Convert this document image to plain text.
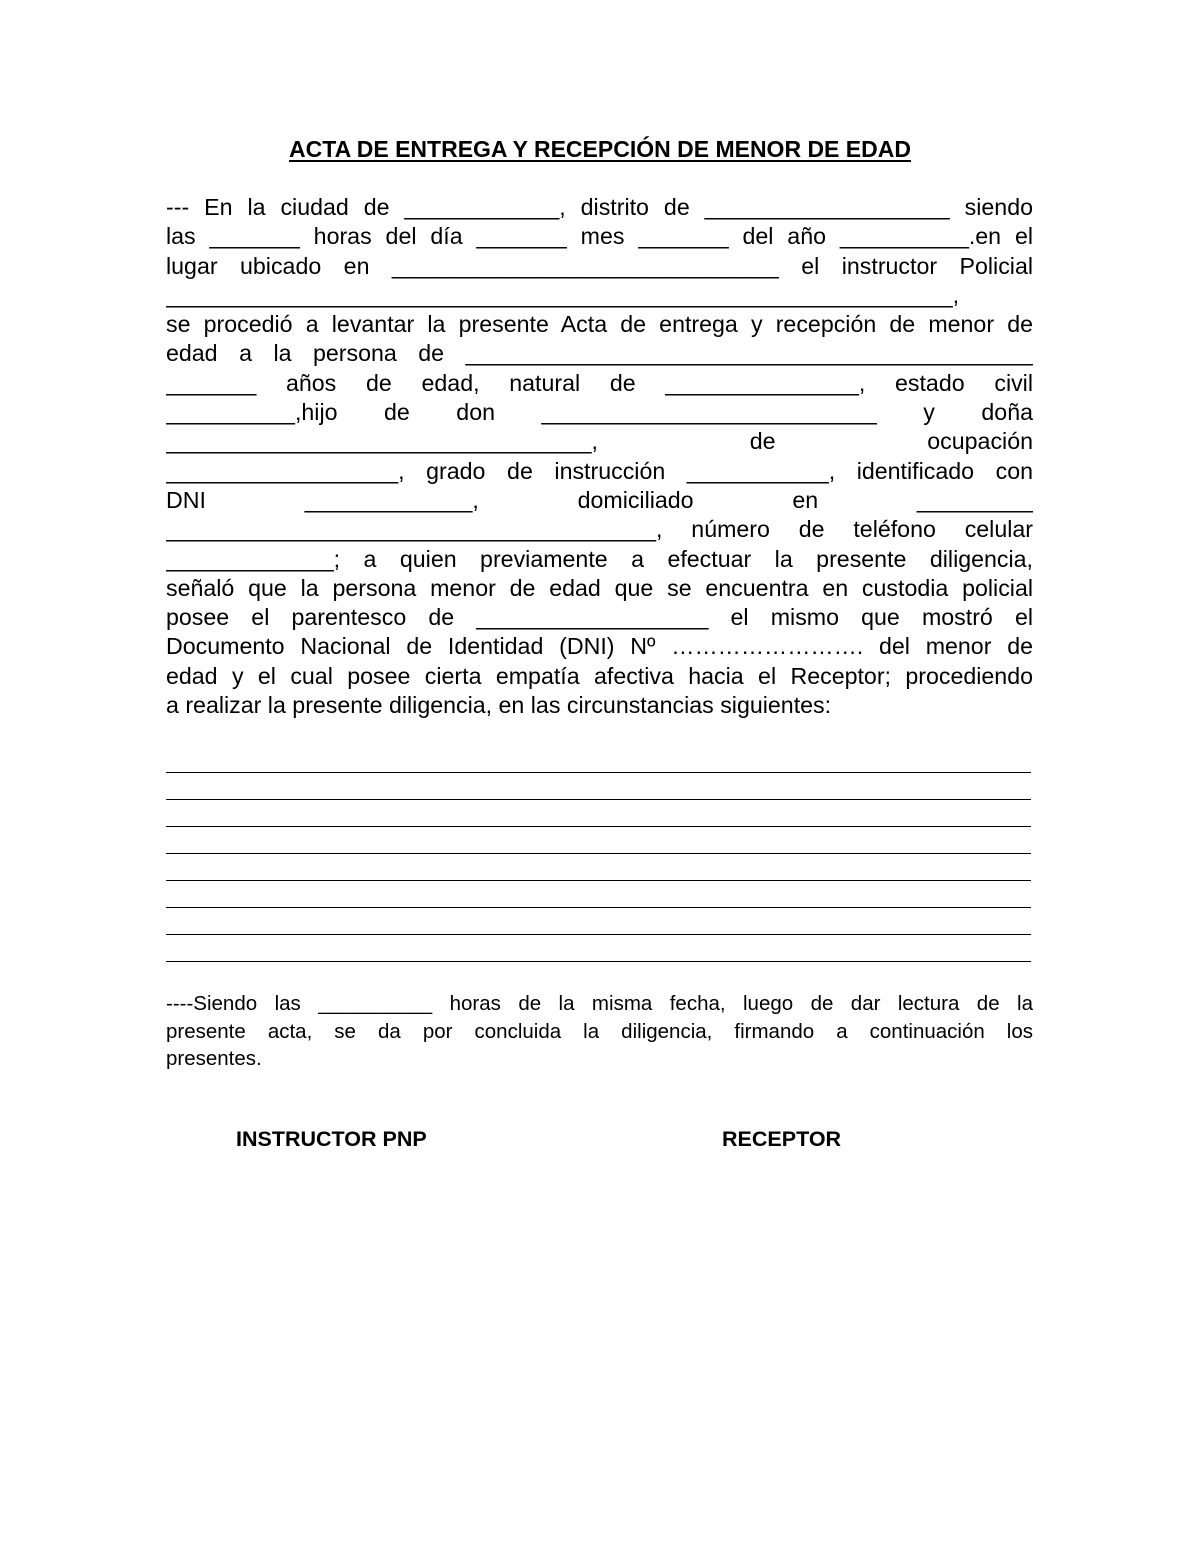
ACTA DE ENTREGA Y RECEPCIÓN DE MENOR DE EDAD
--- En la ciudad de ____________, distrito de ___________________ siendo
las _______ horas del día _______ mes _______ del año __________.en el
lugar ubicado en ______________________________ el instructor Policial
_____________________________________________________________,
se procedió a levantar la presente Acta de entrega y recepción de menor de
edad a la persona de ____________________________________________
_______ años de edad, natural de _______________, estado civil
__________,hijo de don __________________________ y doña
_________________________________, de ocupación
__________________, grado de instrucción ___________, identificado con
DNI _____________, domiciliado en _________
______________________________________, número de teléfono celular
_____________; a quien previamente a efectuar la presente diligencia,
señaló que la persona menor de edad que se encuentra en custodia policial
posee el parentesco de __________________ el mismo que mostró el
Documento Nacional de Identidad (DNI) Nº ……………………. del menor de
edad y el cual posee cierta empatía afectiva hacia el Receptor; procediendo
a realizar la presente diligencia, en las circunstancias siguientes:
----Siendo las __________ horas de la misma fecha, luego de dar lectura de la
presente acta, se da por concluida la diligencia, firmando a continuación los
presentes.
INSTRUCTOR PNP	RECEPTOR
